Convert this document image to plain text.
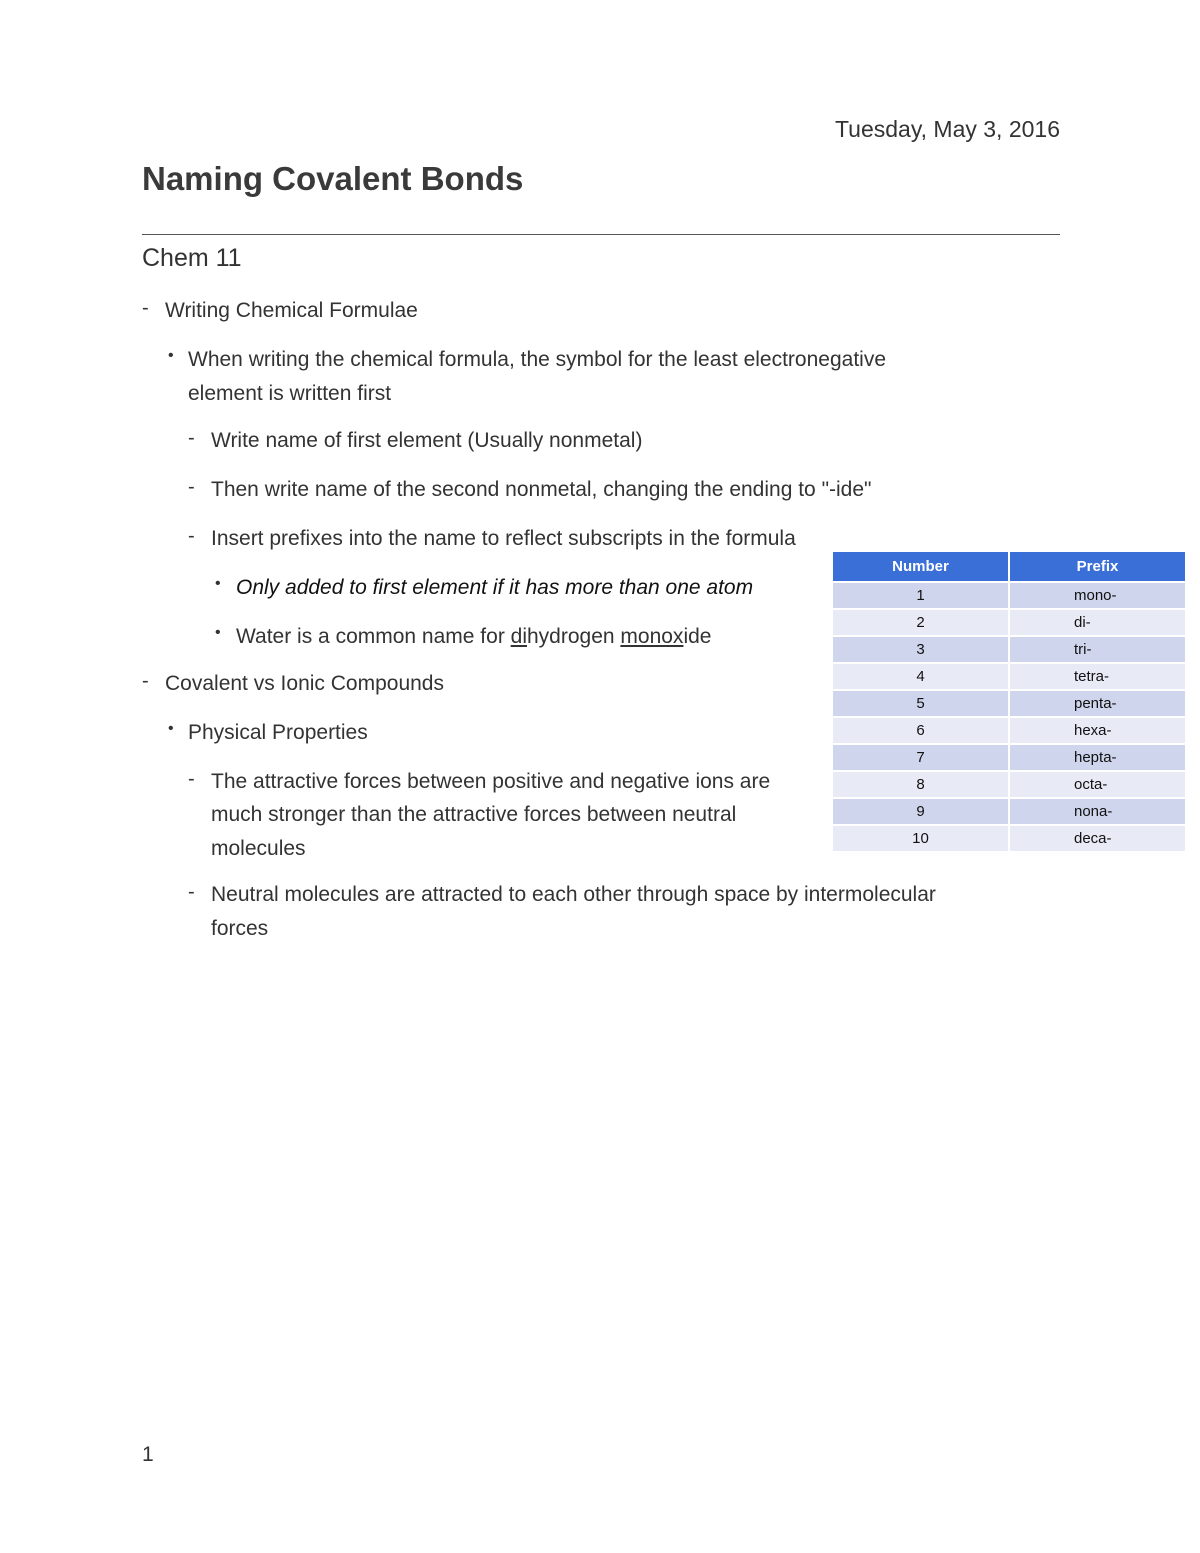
Tuesday, May 3, 2016
Naming Covalent Bonds
Chem 11
- Writing Chemical Formulae
• When writing the chemical formula, the symbol for the least electronegative
element is written first
- Write name of first element (Usually nonmetal)
- Then write name of the second nonmetal, changing the ending to "-ide"
- Insert prefixes into the name to reflect subscripts in the formula
• Only added to first element if it has more than one atom
• Water is a common name for dihydrogen monoxide
- Covalent vs Ionic Compounds
• Physical Properties
- The attractive forces between positive and negative ions are
much stronger than the attractive forces between neutral
molecules
- Neutral molecules are attracted to each other through space by intermolecular
forces
Number	Prefix
1	mono-
2	di-
3	tri-
4	tetra-
5	penta-
6	hexa-
7	hepta-
8	octa-
9	nona-
10	deca-
1
